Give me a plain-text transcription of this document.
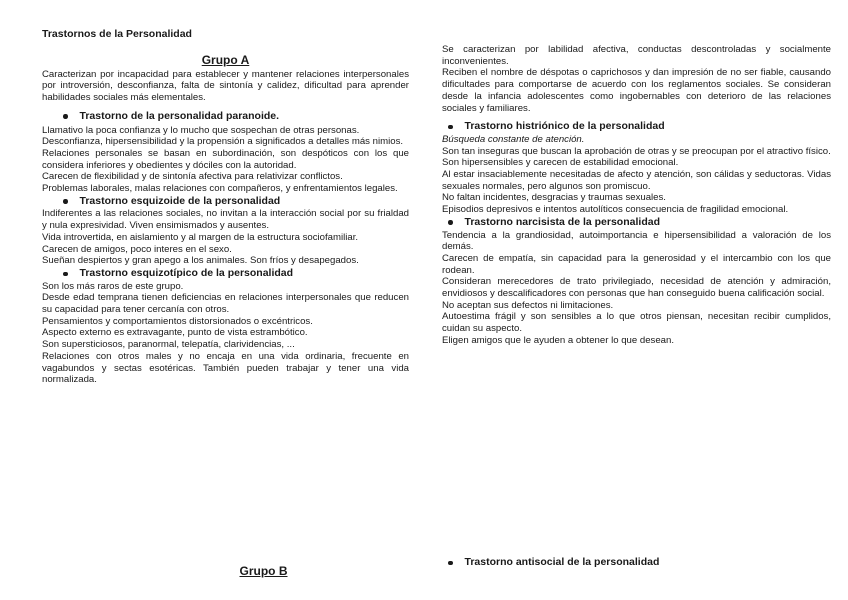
Trastornos de la Personalidad

Grupo A

Caracterizan por incapacidad para establecer y mantener relaciones interpersonales por introversión, desconfianza, falta de sintonía y calidez, dificultad para aprender habilidades sociales más elementales.

Trastorno de la personalidad paranoide.

Llamativo la poca confianza y lo mucho que sospechan de otras personas.

Desconfianza, hipersensibilidad y la propensión a significados a detalles más nimios.

Relaciones personales se basan en subordinación, son despóticos con los que considera inferiores y obedientes y dóciles con la autoridad.

Carecen de flexibilidad y de sintonía afectiva para relativizar conflictos.

Problemas laborales, malas relaciones con compañeros, y enfrentamientos legales.

Trastorno esquizoide de la personalidad

Indiferentes a las relaciones sociales, no invitan a la interacción social por su frialdad y nula expresividad. Viven ensimismados y ausentes.

Vida introvertida, en aislamiento y al margen de la estructura sociofamiliar.

Carecen de amigos, poco interes en el sexo.

Sueñan despiertos y gran apego a los animales. Son fríos y desapegados.

Trastorno esquizotípico de la personalidad

Son los más raros de este grupo.

Desde edad temprana tienen deficiencias en relaciones interpersonales que reducen su capacidad para tener cercanía con otros.

Pensamientos y comportamientos distorsionados o excéntricos.

Aspecto externo es extravagante, punto de vista estrambótico.

Son supersticiosos, paranormal, telepatía, clarividencias, ...

Relaciones con otros males y no encaja en una vida ordinaria, frecuente en vagabundos y sectas esotéricas. También pueden trabajar y tener una vida normalizada.

Grupo B

Se caracterizan por labilidad afectiva, conductas descontroladas y socialmente inconvenientes.

Reciben el nombre de déspotas o caprichosos y dan impresión de no ser fiable, causando dificultades para comportarse de acuerdo con los reglamentos sociales. Se consideran desde la infancia adolescentes como ingobernables con deterioro de las relaciones sociales y familiares.

Trastorno histriónico de la personalidad

Búsqueda constante de atención.

Son tan inseguras que buscan la aprobación de otras y se preocupan por el atractivo físico.

Son hipersensibles y carecen de estabilidad emocional.

Al estar insaciablemente necesitadas de afecto y atención, son cálidas y seductoras. Vidas sexuales normales, pero algunos son promiscuo.

No faltan incidentes, desgracias y traumas sexuales.

Episodios depresivos e intentos autolíticos consecuencia de fragilidad emocional.

Trastorno narcisista de la personalidad

Tendencia a la grandiosidad, autoimportancia e hipersensibilidad a valoración de los demás.

Carecen de empatía, sin capacidad para la generosidad y el intercambio con los que rodean.

Consideran merecedores de trato privilegiado, necesidad de atención y admiración, envidiosos y descalificadores con personas que han conseguido buena calificación social.

No aceptan sus defectos ni limitaciones.

Autoestima frágil y son sensibles a lo que otros piensan, necesitan recibir cumplidos, cuidan su aspecto.

Eligen amigos que le ayuden a obtener lo que desean.

Trastorno antisocial de la personalidad
